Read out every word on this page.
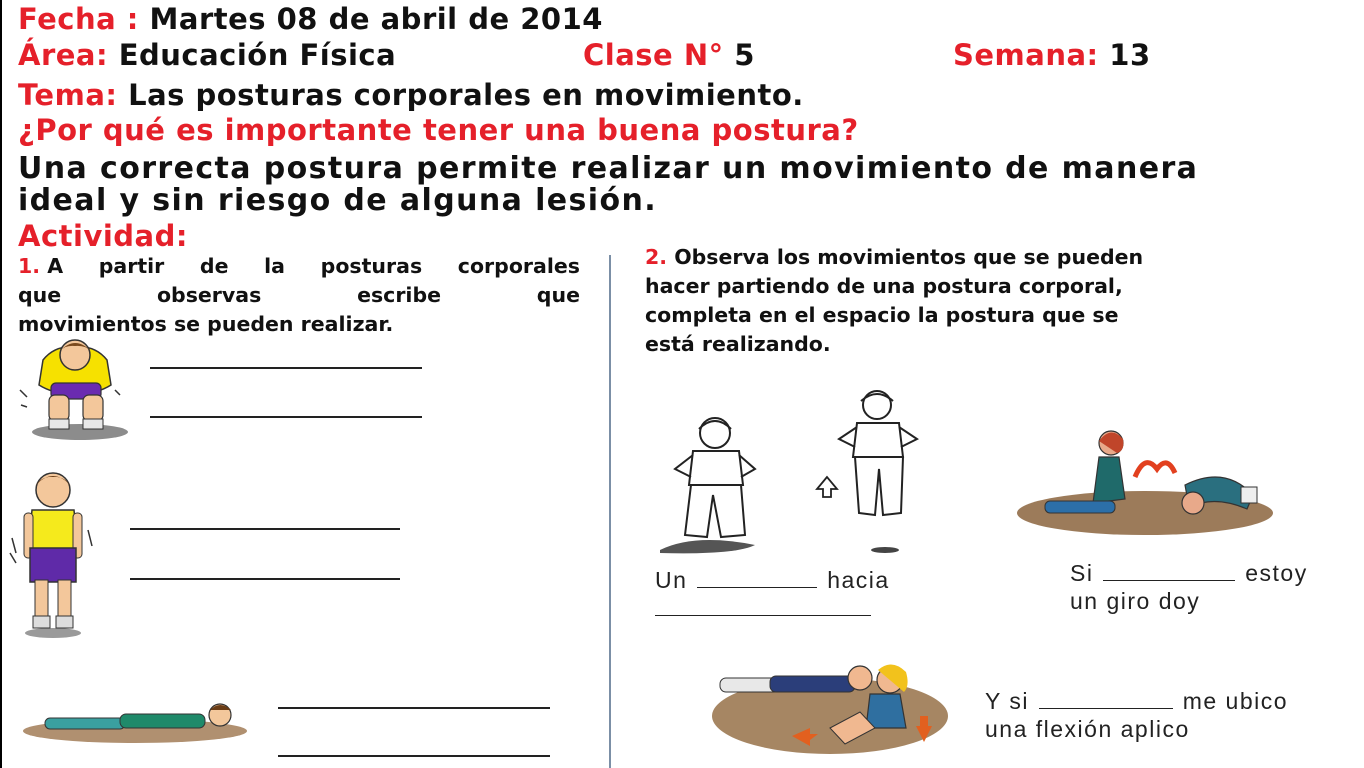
Fecha : Martes 08 de abril de 2014
Área: Educación Física	Clase N° 5	Semana: 13
Tema: Las posturas corporales en movimiento.
¿Por qué es importante tener una buena postura?
Una correcta postura permite realizar un movimiento de manera
ideal y sin riesgo de alguna lesión.
Actividad:
1. A partir de la posturas corporales
que	observas	escribe	que
movimientos se pueden realizar.
2. Observa los movimientos que se pueden
hacer partiendo de una postura corporal,
completa en el espacio la postura que se
está realizando.
Un	hacia	Si	estoy
un giro doy
Y si	me ubico
una flexión aplico
